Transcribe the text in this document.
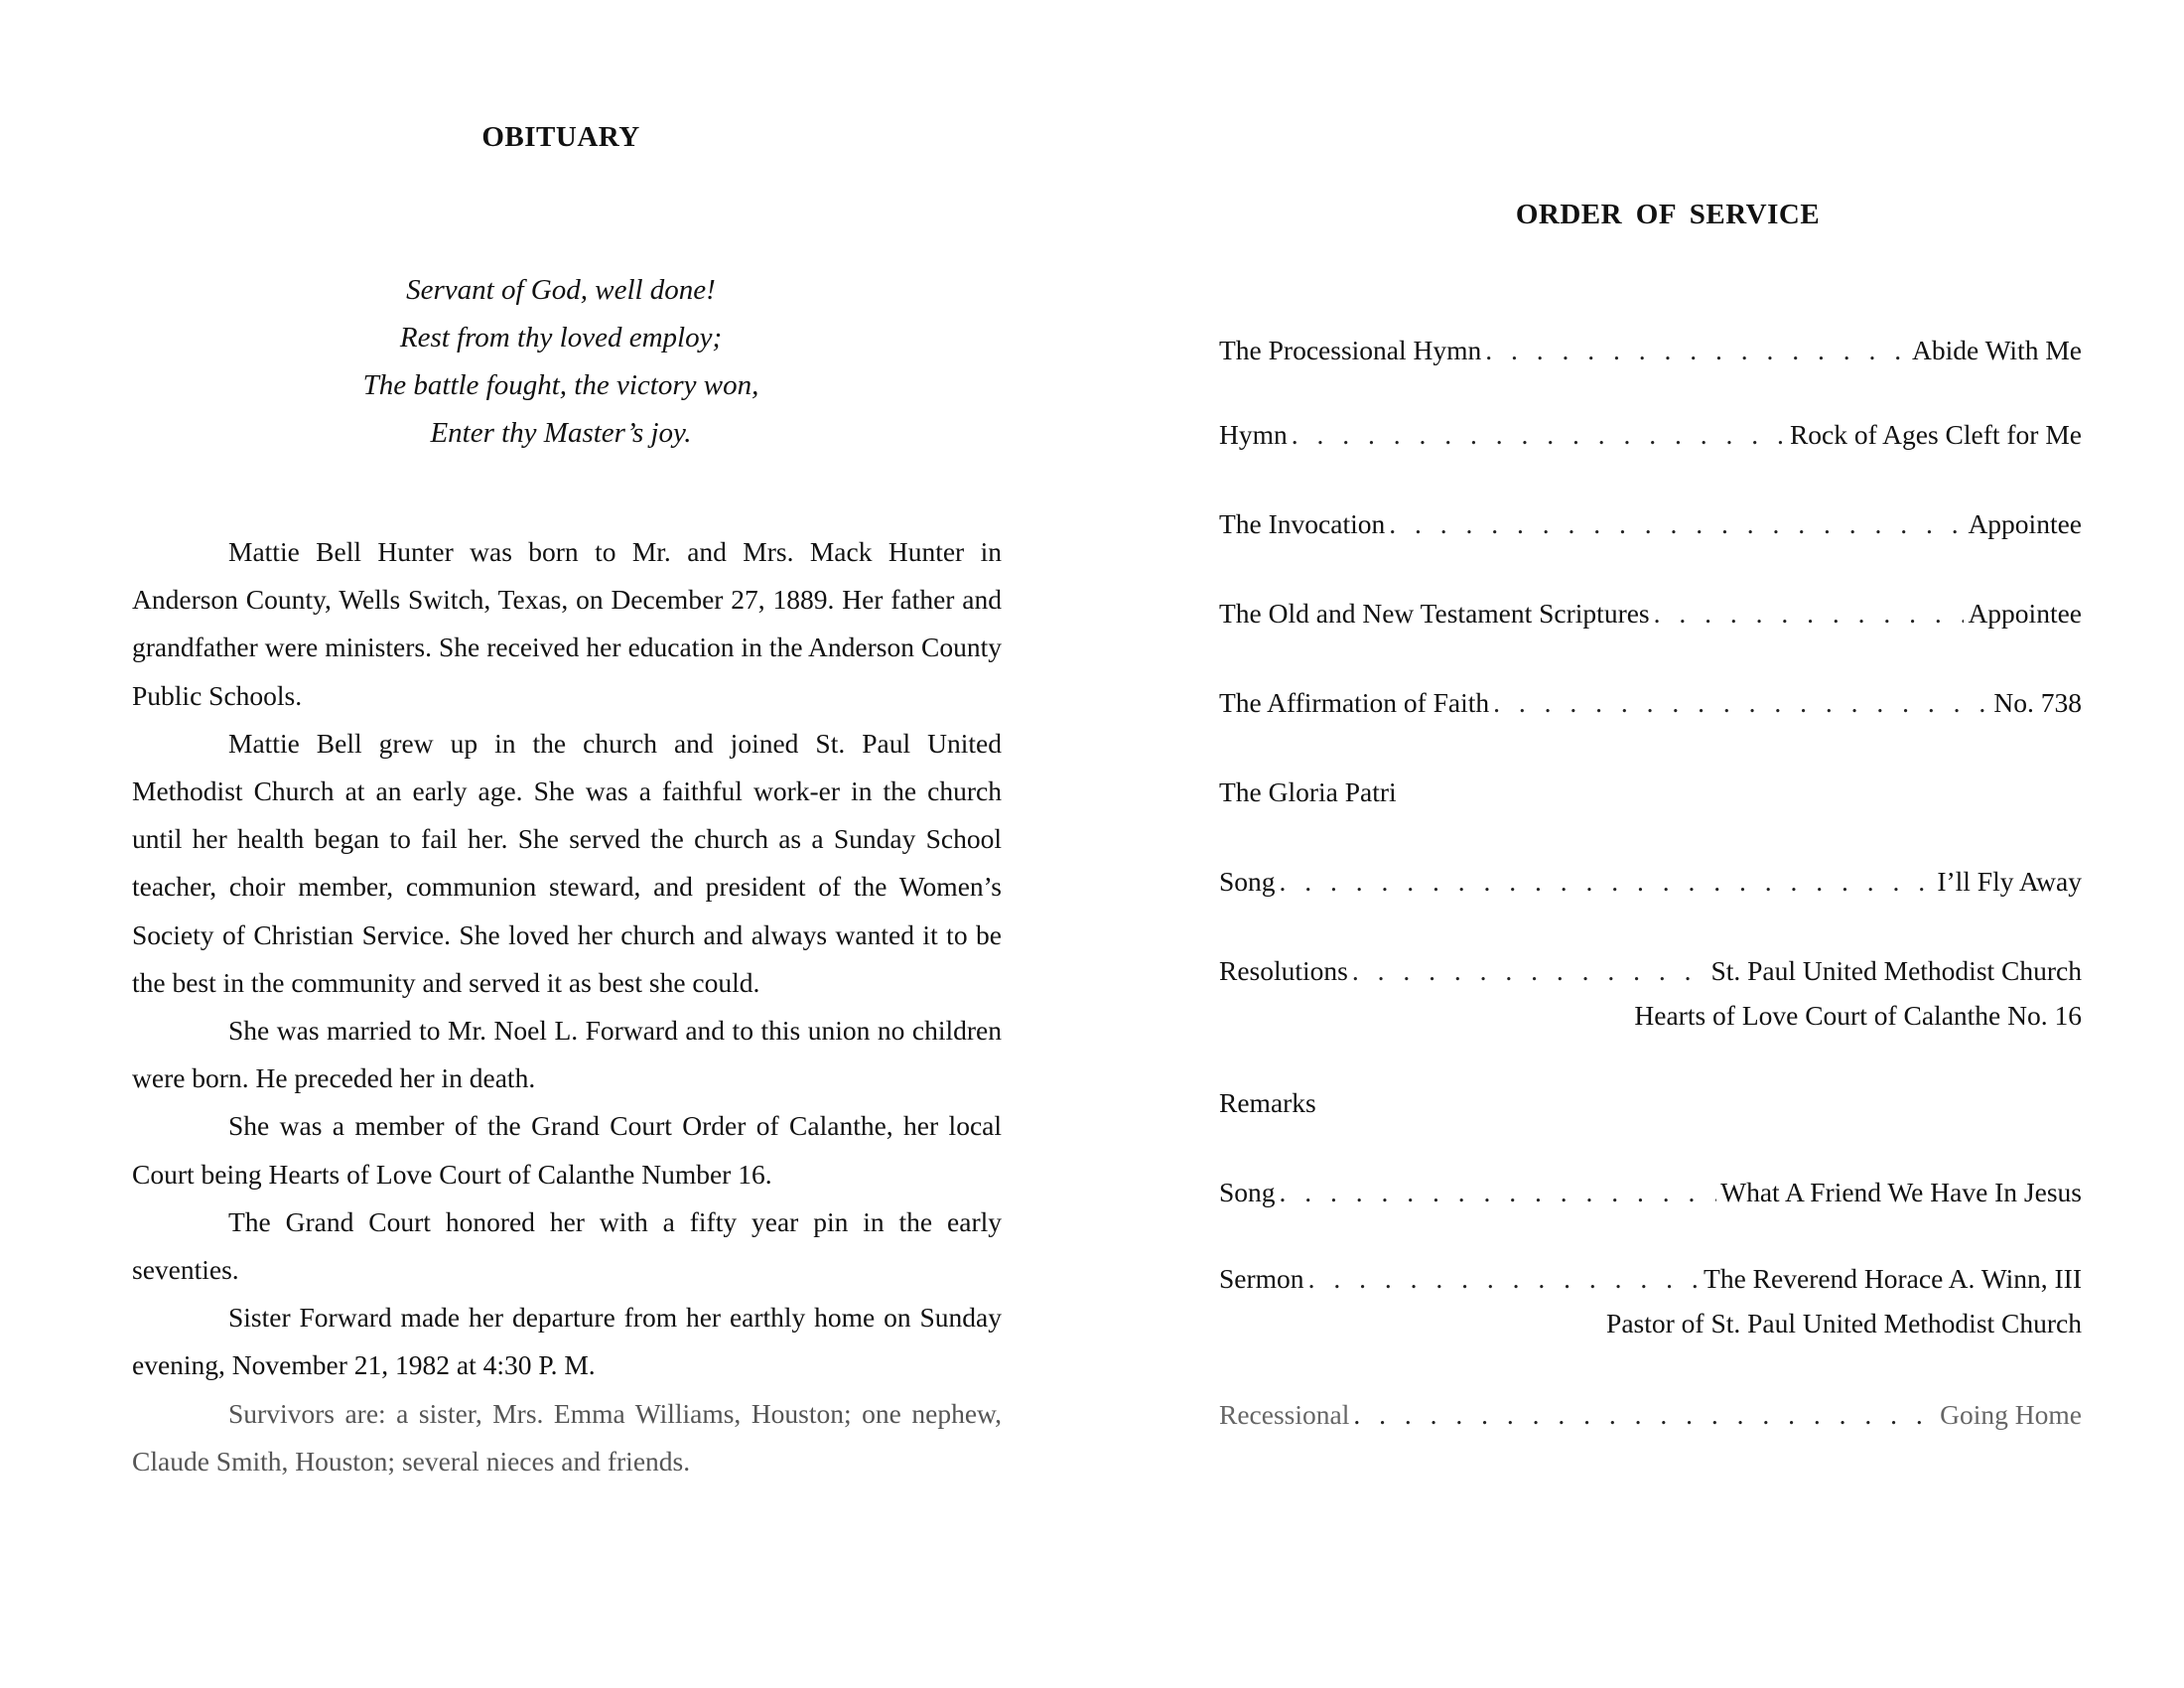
OBITUARY
Servant of God, well done!
Rest from thy loved employ;
The battle fought, the victory won,
Enter thy Master’s joy.

Mattie Bell Hunter was born to Mr. and Mrs. Mack Hunter in Anderson County, Wells Switch, Texas, on December 27, 1889. Her father and grandfather were ministers. She received her education in the Anderson County Public Schools.

Mattie Bell grew up in the church and joined St. Paul United Methodist Church at an early age. She was a faithful work-er in the church until her health began to fail her. She served the church as a Sunday School teacher, choir member, communion steward, and president of the Women’s Society of Christian Service. She loved her church and always wanted it to be the best in the community and served it as best she could.

She was married to Mr. Noel L. Forward and to this union no children were born. He preceded her in death.

She was a member of the Grand Court Order of Calanthe, her local Court being Hearts of Love Court of Calanthe Number 16.

The Grand Court honored her with a fifty year pin in the early seventies.

Sister Forward made her departure from her earthly home on Sunday evening, November 21, 1982 at 4:30 P. M.

Survivors are: a sister, Mrs. Emma Williams, Houston; one nephew, Claude Smith, Houston; several nieces and friends.

ORDER OF SERVICE
The Processional Hymn . . .	Abide With Me
Hymn . . .	Rock of Ages Cleft for Me
The Invocation . . .	Appointee
The Old and New Testament Scriptures . . .	Appointee
The Affirmation of Faith . . .	No. 738
The Gloria Patri
Song . . .	I’ll Fly Away
Resolutions . . .	St. Paul United Methodist Church
Hearts of Love Court of Calanthe No. 16
Remarks
Song . . .	What A Friend We Have In Jesus
Sermon . . .	The Reverend Horace A. Winn, III
Pastor of St. Paul United Methodist Church
Recessional . . .	Going Home
